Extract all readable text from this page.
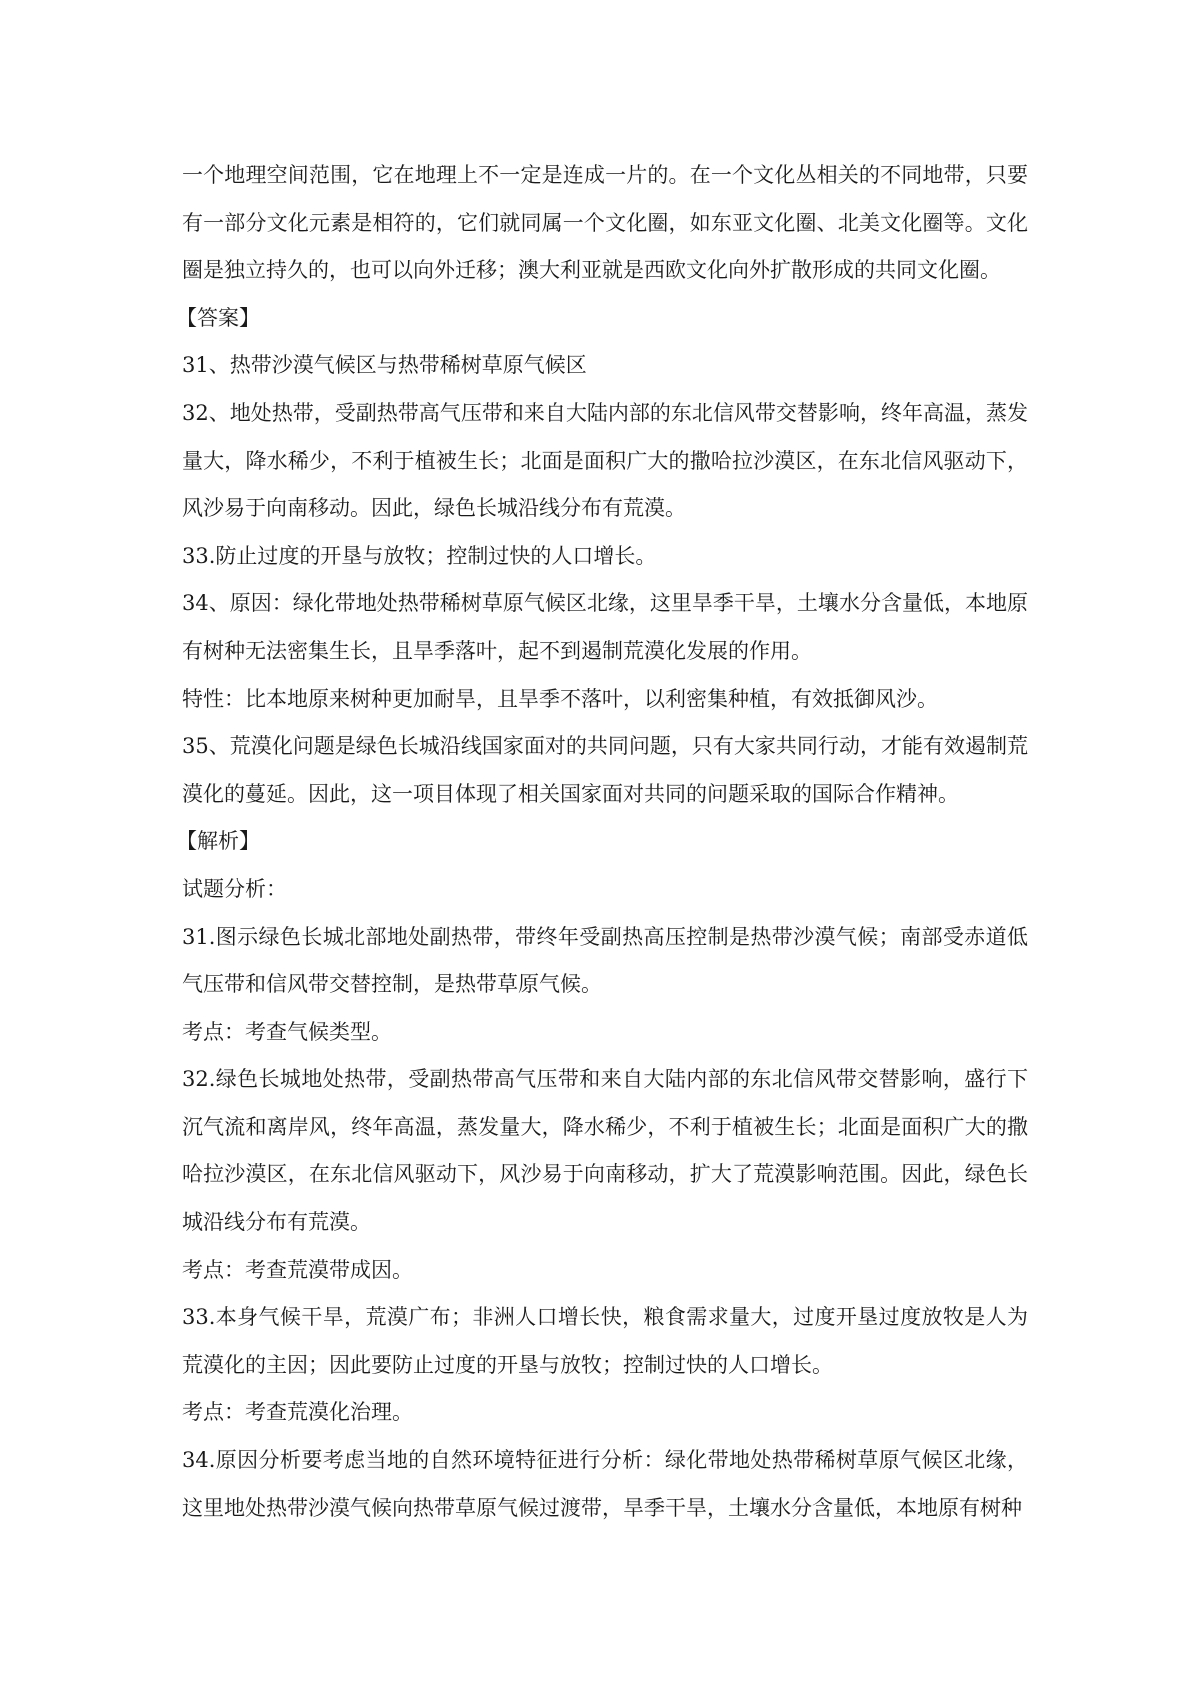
一个地理空间范围，它在地理上不一定是连成一片的。在一个文化丛相关的不同地带，只要有一部分文化元素是相符的，它们就同属一个文化圈，如东亚文化圈、北美文化圈等。文化圈是独立持久的，也可以向外迁移；澳大利亚就是西欧文化向外扩散形成的共同文化圈。

【答案】

31、热带沙漠气候区与热带稀树草原气候区

32、地处热带，受副热带高气压带和来自大陆内部的东北信风带交替影响，终年高温，蒸发量大，降水稀少，不利于植被生长；北面是面积广大的撒哈拉沙漠区，在东北信风驱动下，风沙易于向南移动。因此，绿色长城沿线分布有荒漠。

33.防止过度的开垦与放牧；控制过快的人口增长。

34、原因：绿化带地处热带稀树草原气候区北缘，这里旱季干旱，土壤水分含量低，本地原有树种无法密集生长，且旱季落叶，起不到遏制荒漠化发展的作用。

特性：比本地原来树种更加耐旱，且旱季不落叶，以利密集种植，有效抵御风沙。

35、荒漠化问题是绿色长城沿线国家面对的共同问题，只有大家共同行动，才能有效遏制荒漠化的蔓延。因此，这一项目体现了相关国家面对共同的问题采取的国际合作精神。

【解析】

试题分析：

31.图示绿色长城北部地处副热带，带终年受副热高压控制是热带沙漠气候；南部受赤道低气压带和信风带交替控制，是热带草原气候。

考点：考查气候类型。

32.绿色长城地处热带，受副热带高气压带和来自大陆内部的东北信风带交替影响，盛行下沉气流和离岸风，终年高温，蒸发量大，降水稀少，不利于植被生长；北面是面积广大的撒哈拉沙漠区，在东北信风驱动下，风沙易于向南移动，扩大了荒漠影响范围。因此，绿色长城沿线分布有荒漠。

考点：考查荒漠带成因。

33.本身气候干旱，荒漠广布；非洲人口增长快，粮食需求量大，过度开垦过度放牧是人为荒漠化的主因；因此要防止过度的开垦与放牧；控制过快的人口增长。

考点：考查荒漠化治理。

34.原因分析要考虑当地的自然环境特征进行分析：绿化带地处热带稀树草原气候区北缘，这里地处热带沙漠气候向热带草原气候过渡带，旱季干旱，土壤水分含量低，本地原有树种
